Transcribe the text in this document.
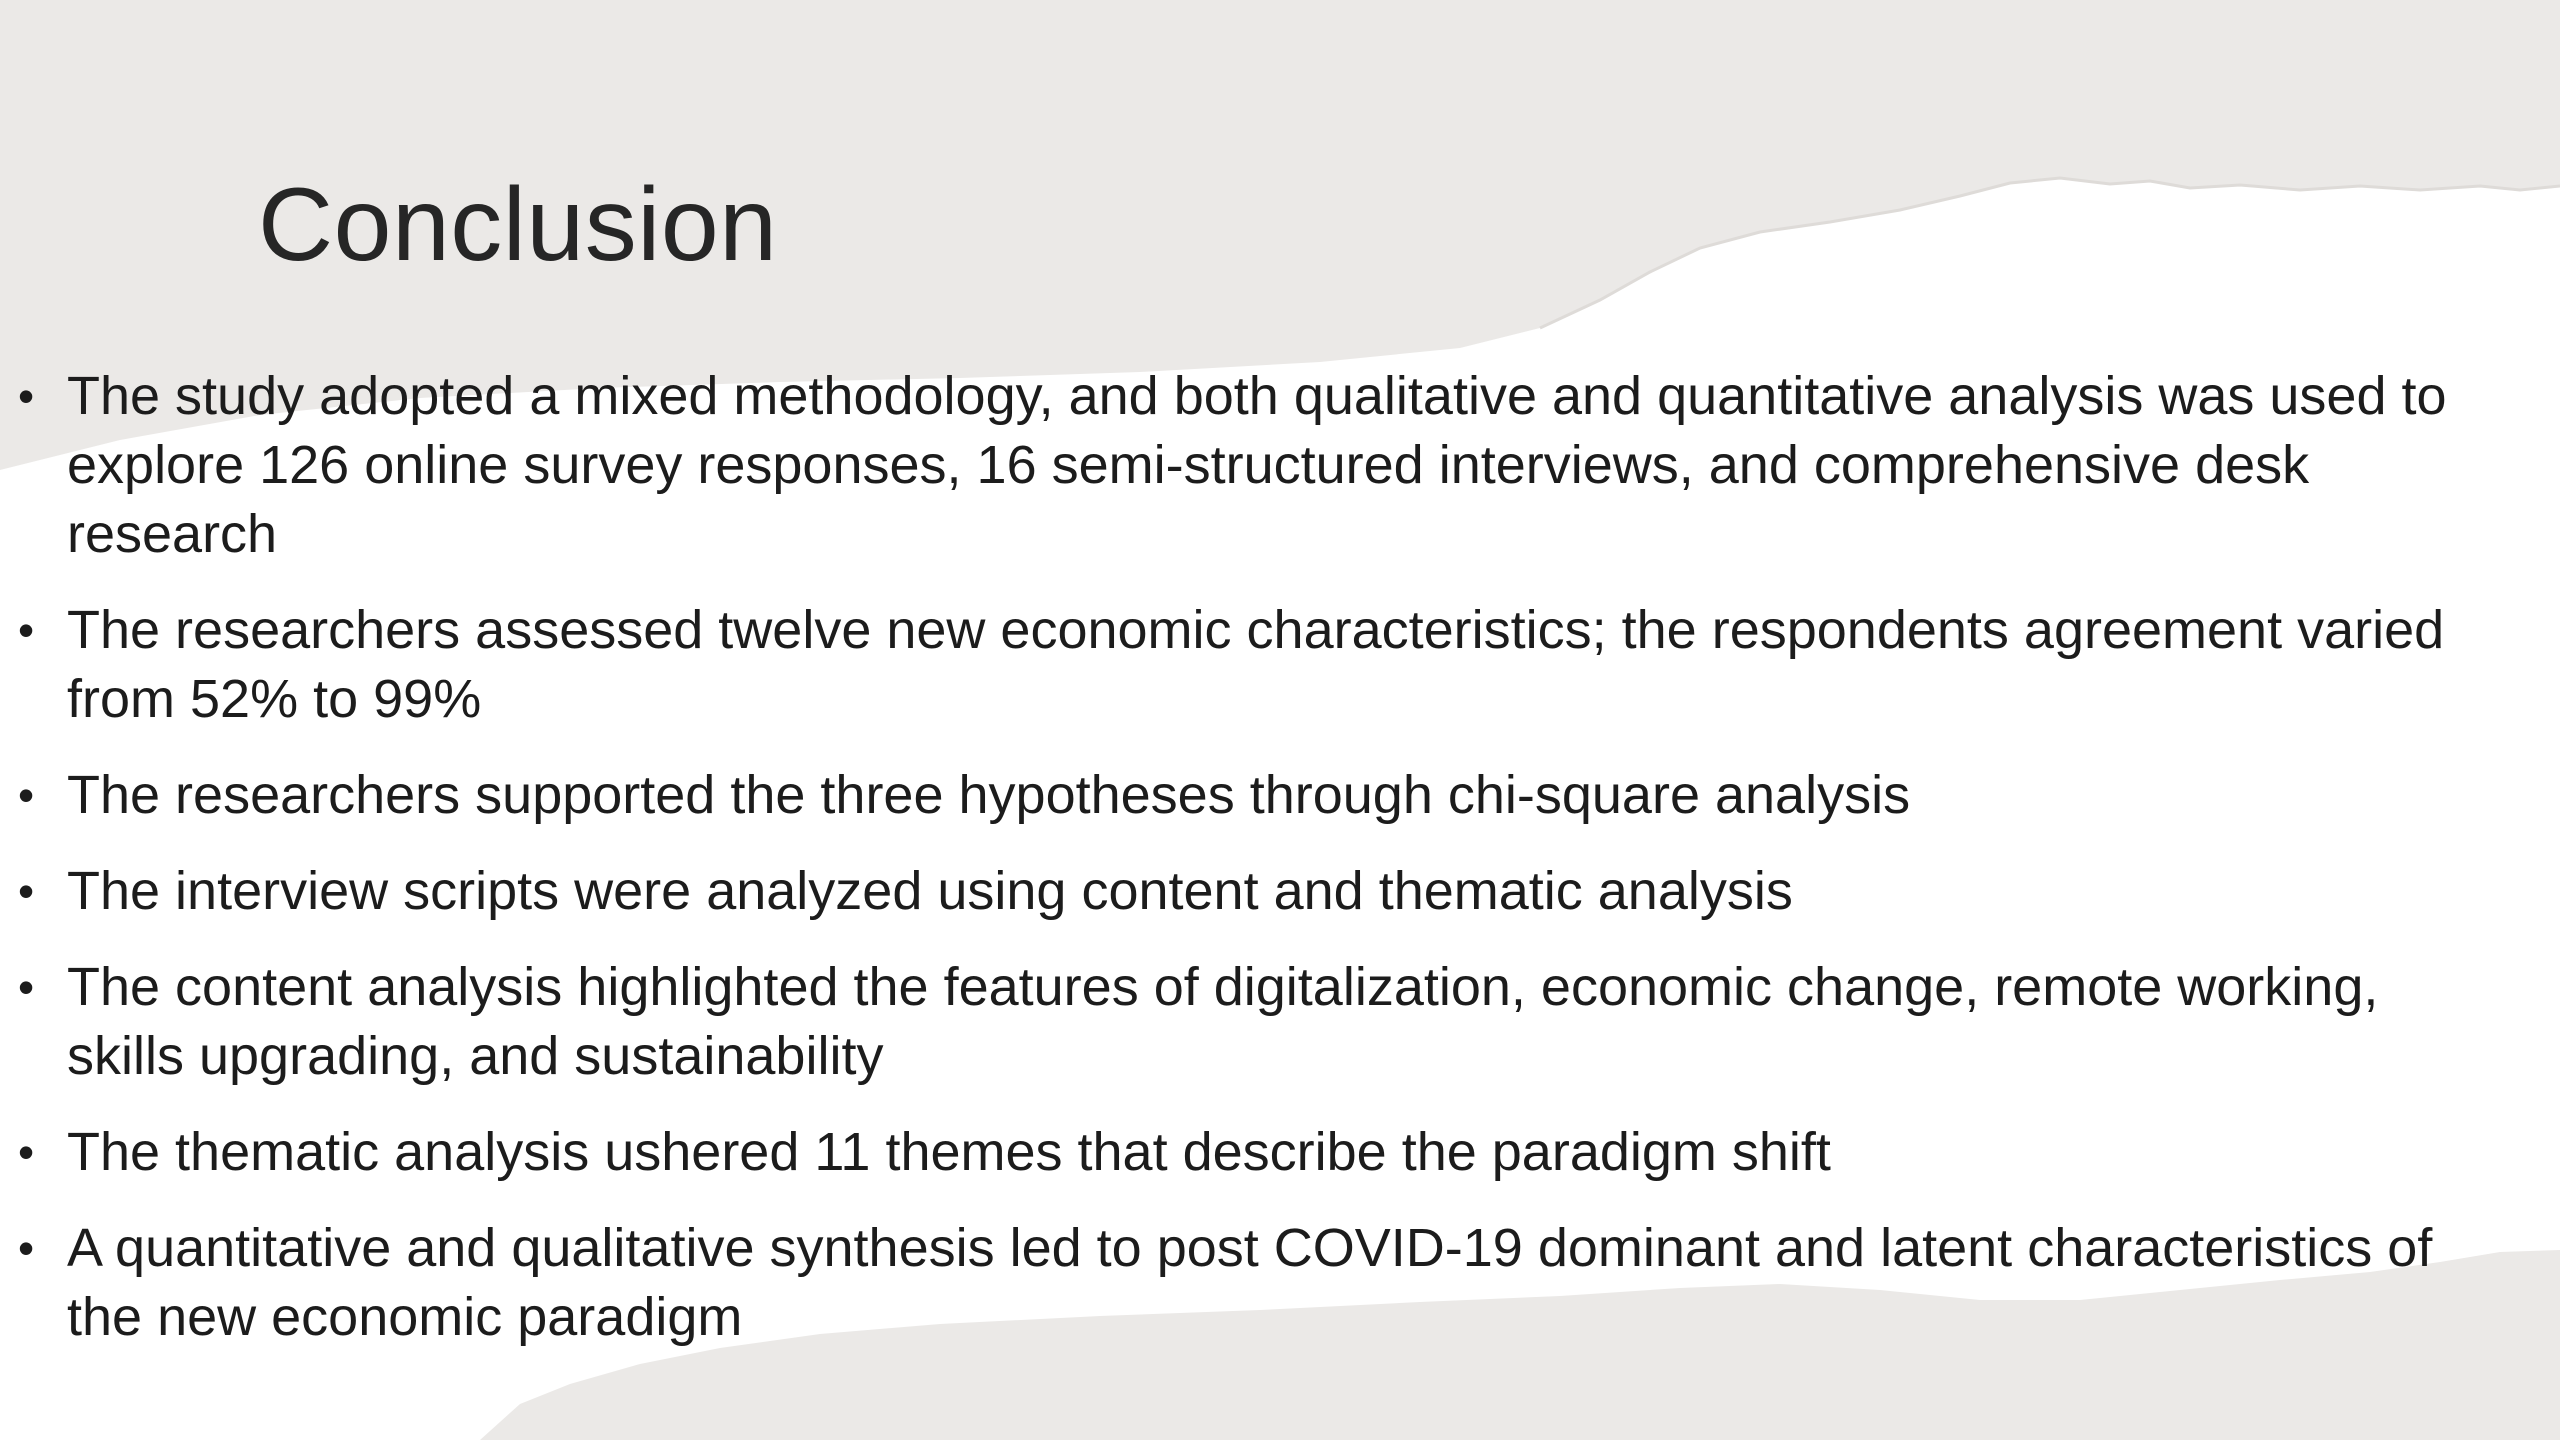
Conclusion
• The study adopted a mixed methodology, and both qualitative and quantitative analysis was used to explore 126 online survey responses, 16 semi-structured interviews, and comprehensive desk research
• The researchers assessed twelve new economic characteristics; the respondents agreement varied from 52% to 99%
• The researchers supported the three hypotheses through chi-square analysis
• The interview scripts were analyzed using content and thematic analysis
• The content analysis highlighted the features of digitalization, economic change, remote working, skills upgrading, and sustainability
• The thematic analysis ushered 11 themes that describe the paradigm shift
• A quantitative and qualitative synthesis led to post COVID-19 dominant and latent characteristics of the new economic paradigm
